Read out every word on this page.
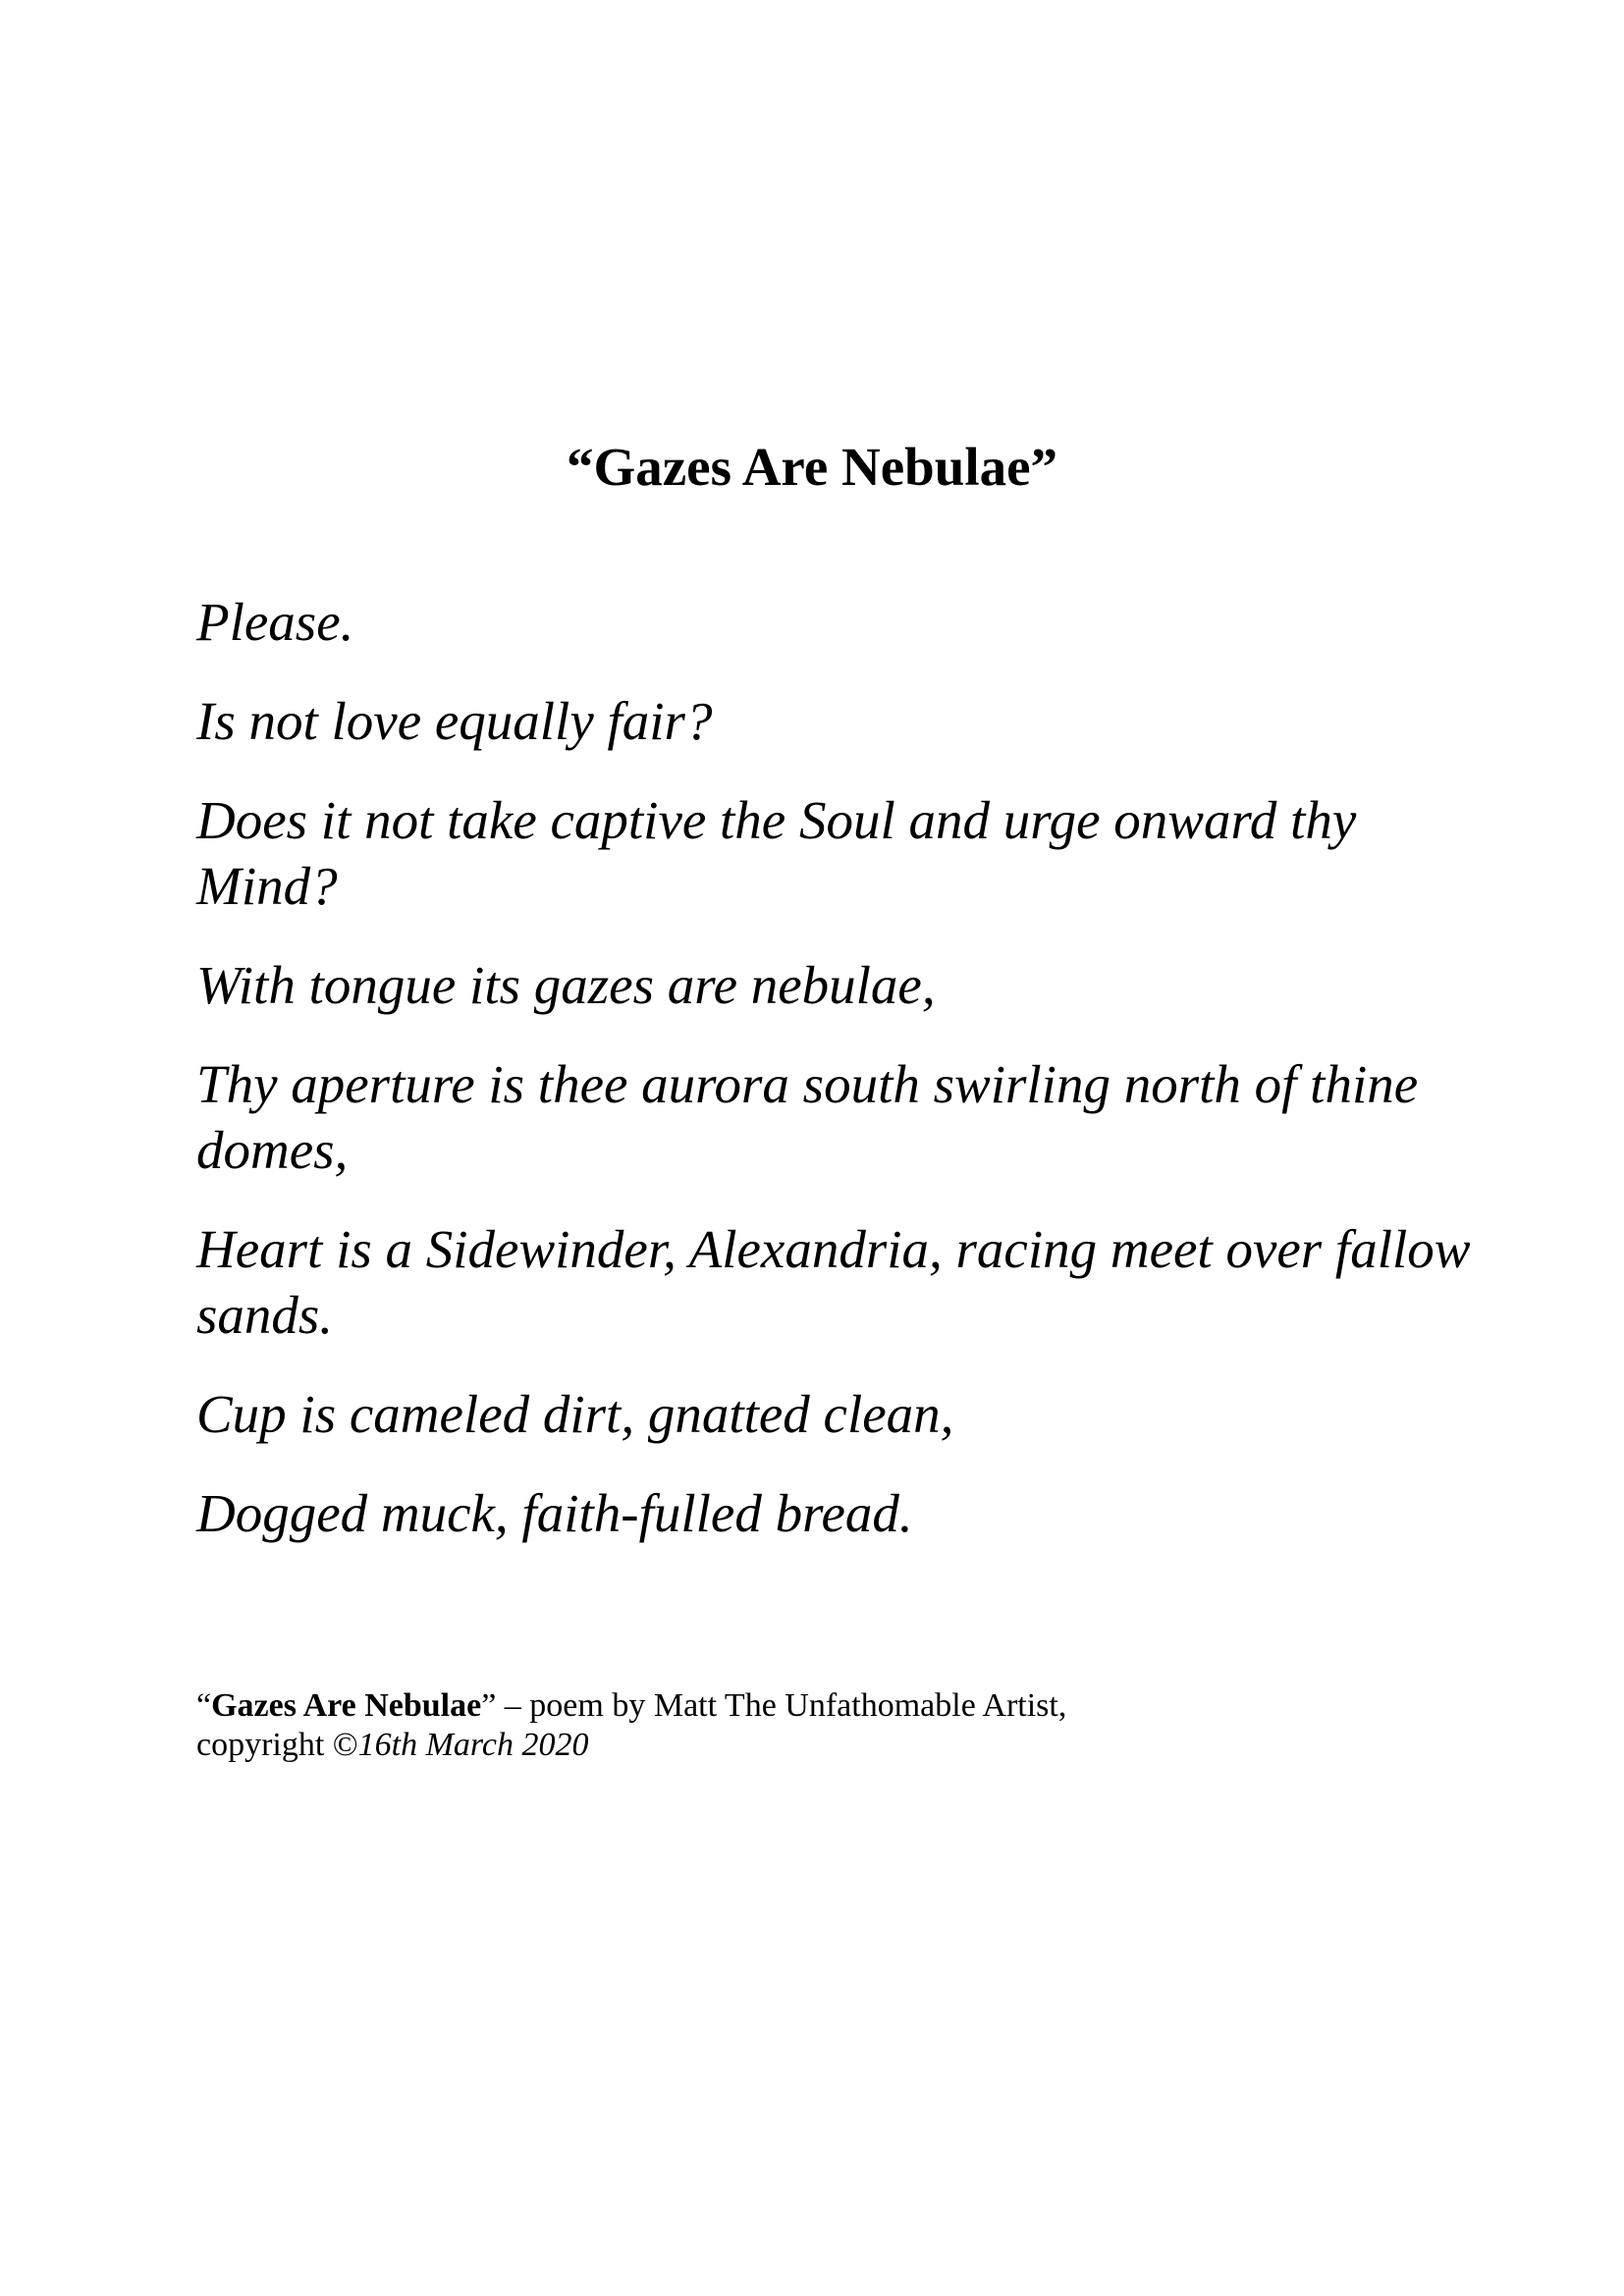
“Gazes Are Nebulae”

Please.

Is not love equally fair?

Does it not take captive the Soul and urge onward thy Mind?

With tongue its gazes are nebulae,

Thy aperture is thee aurora south swirling north of thine domes,

Heart is a Sidewinder, Alexandria, racing meet over fallow sands.

Cup is cameled dirt, gnatted clean,

Dogged muck, faith-fulled bread.

“Gazes Are Nebulae” – poem by Matt The Unfathomable Artist,
copyright ©16th March 2020
